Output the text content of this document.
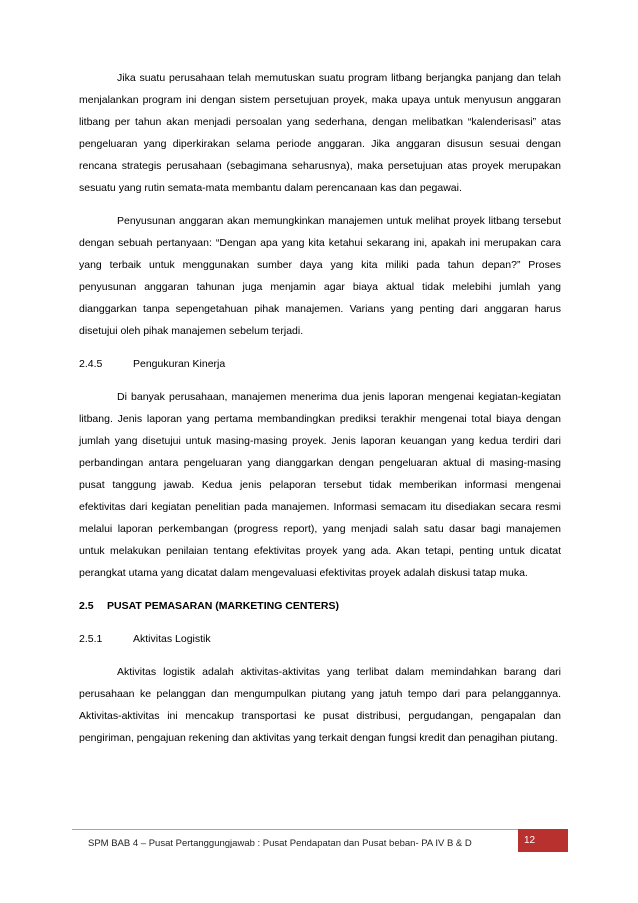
Jika suatu perusahaan telah memutuskan suatu program litbang berjangka panjang dan telah menjalankan program ini dengan sistem persetujuan proyek, maka upaya untuk menyusun anggaran litbang per tahun akan menjadi persoalan yang sederhana, dengan melibatkan “kalenderisasi” atas pengeluaran yang diperkirakan selama periode anggaran. Jika anggaran disusun sesuai dengan rencana strategis perusahaan (sebagimana seharusnya), maka persetujuan atas proyek merupakan sesuatu yang rutin semata-mata membantu dalam perencanaan kas dan pegawai.

Penyusunan anggaran akan memungkinkan manajemen untuk melihat proyek litbang tersebut dengan sebuah pertanyaan: “Dengan apa yang kita ketahui sekarang ini, apakah ini merupakan cara yang terbaik untuk menggunakan sumber daya yang kita miliki pada tahun depan?” Proses penyusunan anggaran tahunan juga menjamin agar biaya aktual tidak melebihi jumlah yang dianggarkan tanpa sepengetahuan pihak manajemen. Varians yang penting dari anggaran harus disetujui oleh pihak manajemen sebelum terjadi.

2.4.5	Pengukuran Kinerja

Di banyak perusahaan, manajemen menerima dua jenis laporan mengenai kegiatan-kegiatan litbang. Jenis laporan yang pertama membandingkan prediksi terakhir mengenai total biaya dengan jumlah yang disetujui untuk masing-masing proyek. Jenis laporan keuangan yang kedua terdiri dari perbandingan antara pengeluaran yang dianggarkan dengan pengeluaran aktual di masing-masing pusat tanggung jawab. Kedua jenis pelaporan tersebut tidak memberikan informasi mengenai efektivitas dari kegiatan penelitian pada manajemen. Informasi semacam itu disediakan secara resmi melalui laporan perkembangan (progress report), yang menjadi salah satu dasar bagi manajemen untuk melakukan penilaian tentang efektivitas proyek yang ada. Akan tetapi, penting untuk dicatat perangkat utama yang dicatat dalam mengevaluasi efektivitas proyek adalah diskusi tatap muka.

2.5 PUSAT PEMASARAN (MARKETING CENTERS)
2.5.1	Aktivitas Logistik

Aktivitas logistik adalah aktivitas-aktivitas yang terlibat dalam memindahkan barang dari perusahaan ke pelanggan dan mengumpulkan piutang yang jatuh tempo dari para pelanggannya. Aktivitas-aktivitas ini mencakup transportasi ke pusat distribusi, pergudangan, pengapalan dan pengiriman, pengajuan rekening dan aktivitas yang terkait dengan fungsi kredit dan penagihan piutang.

SPM BAB 4 – Pusat Pertanggungjawab : Pusat Pendapatan dan Pusat beban- PA IV B & D	12
